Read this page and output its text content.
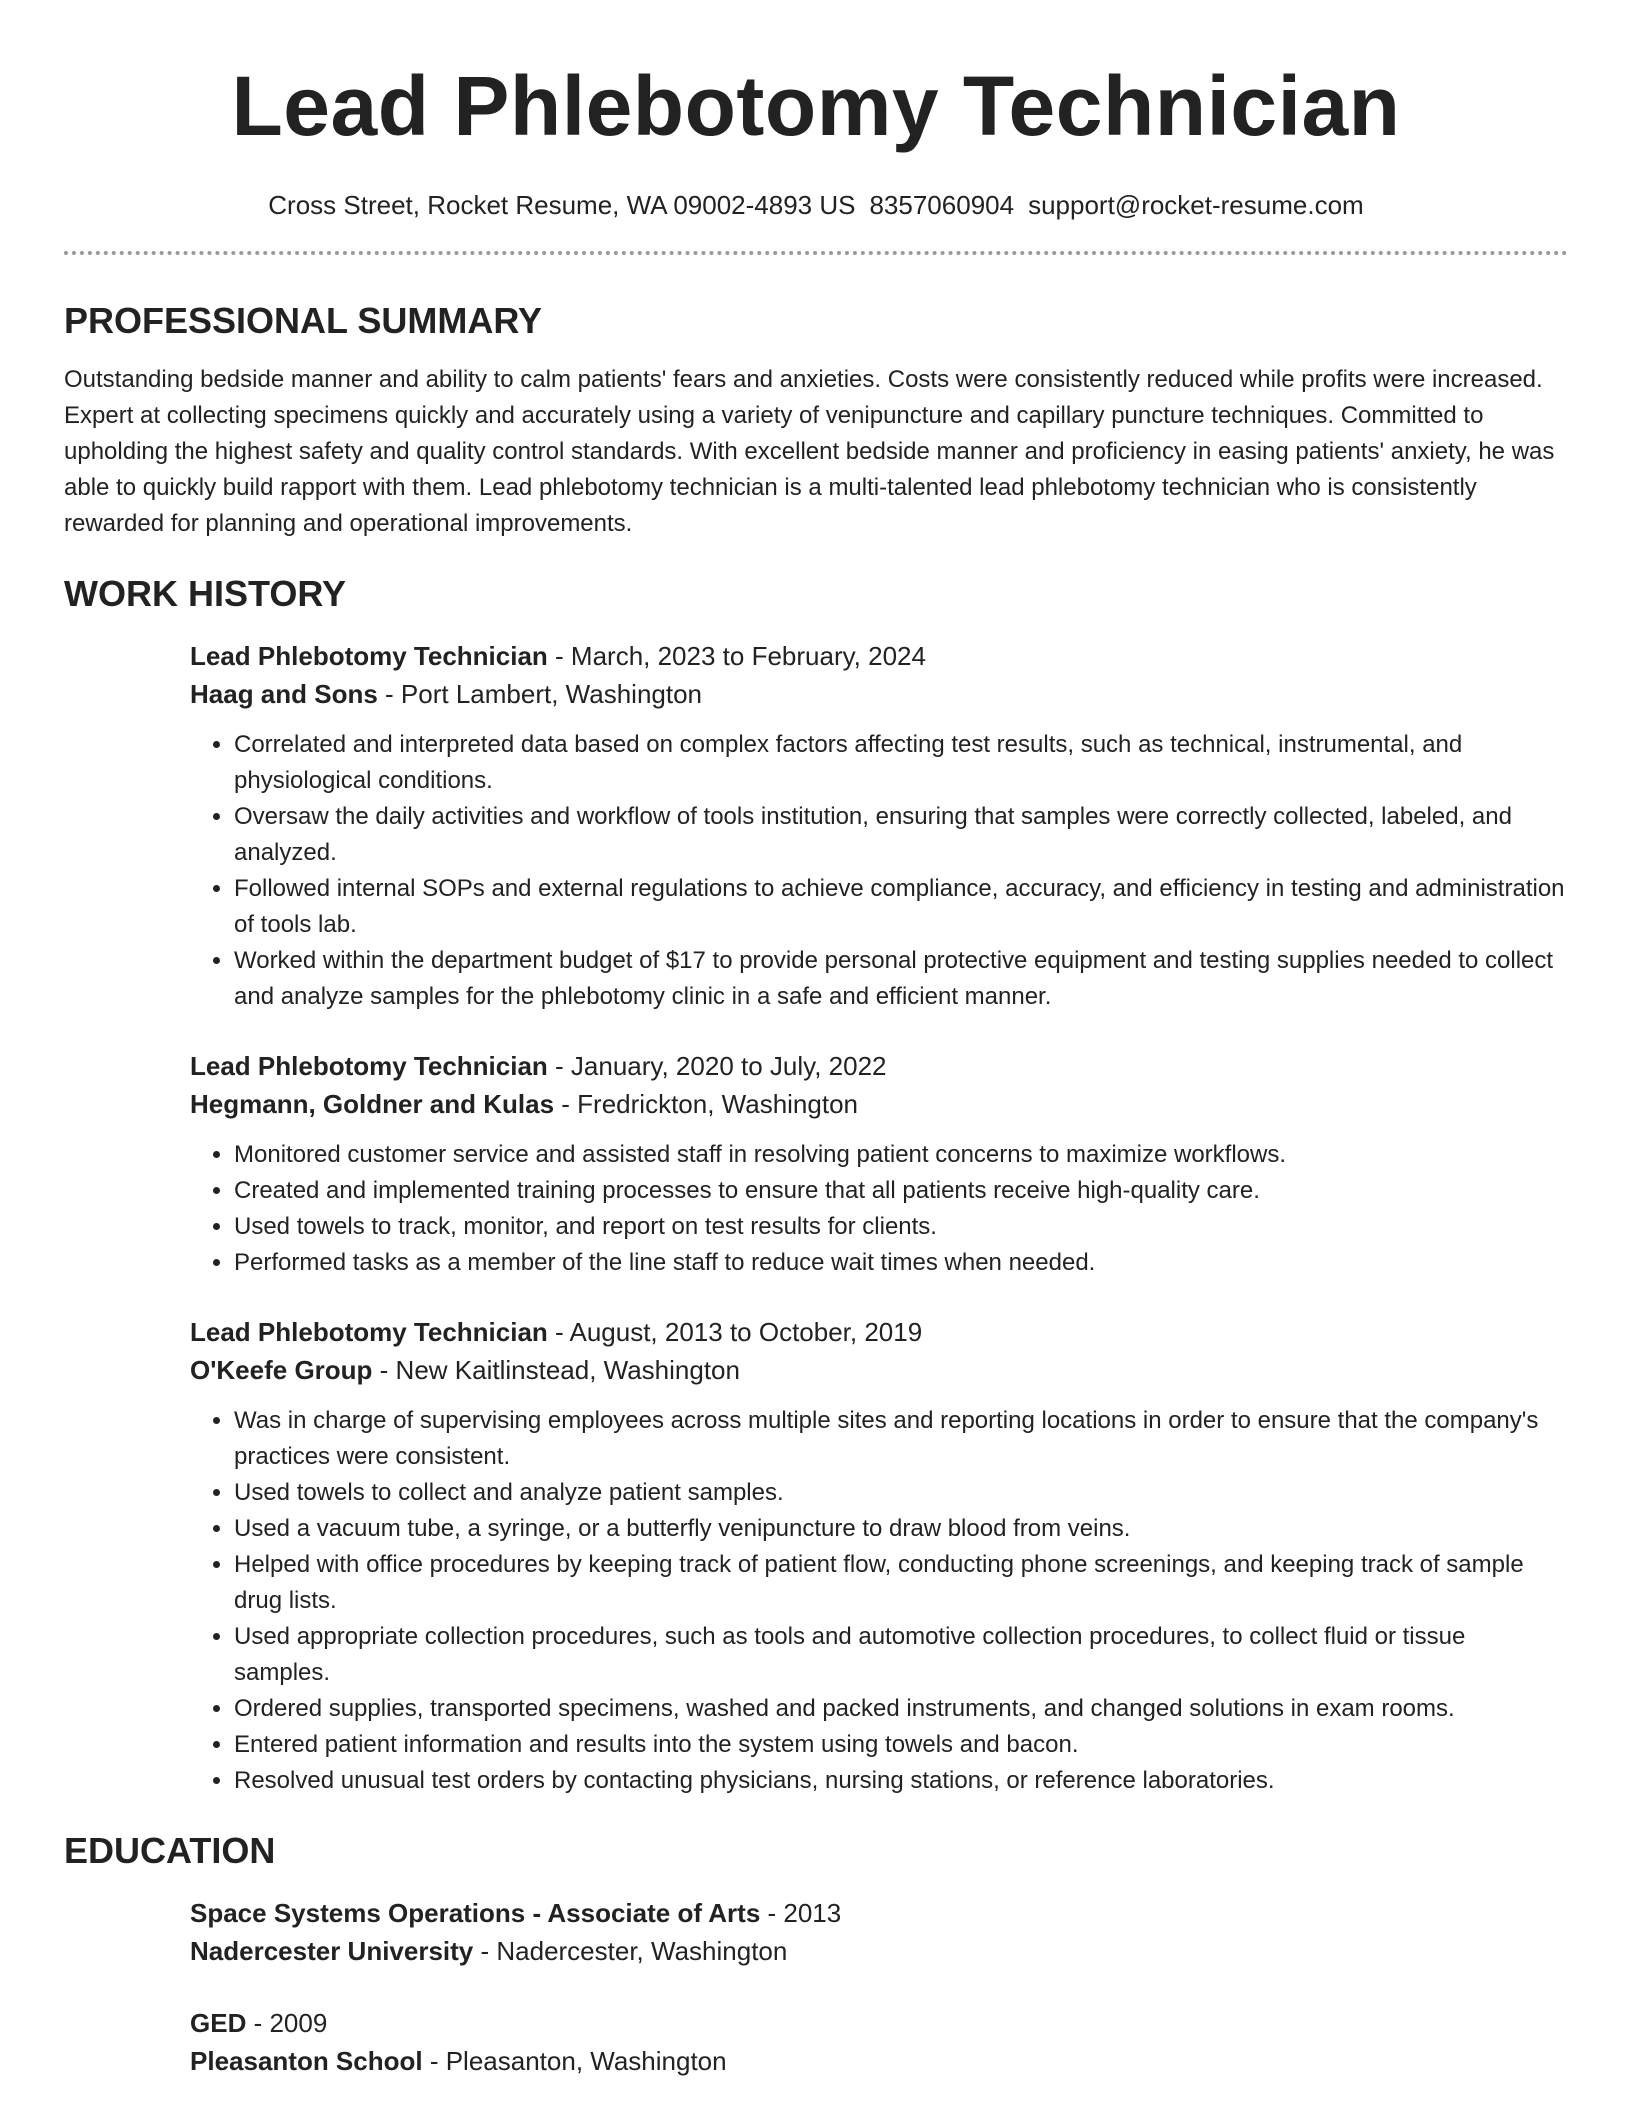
Lead Phlebotomy Technician
Cross Street, Rocket Resume, WA 09002-4893 US 8357060904 support@rocket-resume.com
PROFESSIONAL SUMMARY

Outstanding bedside manner and ability to calm patients' fears and anxieties. Costs were consistently reduced while profits were increased. Expert at collecting specimens quickly and accurately using a variety of venipuncture and capillary puncture techniques. Committed to upholding the highest safety and quality control standards. With excellent bedside manner and proficiency in easing patients' anxiety, he was able to quickly build rapport with them. Lead phlebotomy technician is a multi-talented lead phlebotomy technician who is consistently rewarded for planning and operational improvements.

WORK HISTORY
Lead Phlebotomy Technician - March, 2023 to February, 2024
Haag and Sons - Port Lambert, Washington
• Correlated and interpreted data based on complex factors affecting test results, such as technical, instrumental, and physiological conditions.
• Oversaw the daily activities and workflow of tools institution, ensuring that samples were correctly collected, labeled, and analyzed.
• Followed internal SOPs and external regulations to achieve compliance, accuracy, and efficiency in testing and administration of tools lab.
• Worked within the department budget of $17 to provide personal protective equipment and testing supplies needed to collect and analyze samples for the phlebotomy clinic in a safe and efficient manner.
Lead Phlebotomy Technician - January, 2020 to July, 2022
Hegmann, Goldner and Kulas - Fredrickton, Washington
• Monitored customer service and assisted staff in resolving patient concerns to maximize workflows.
• Created and implemented training processes to ensure that all patients receive high-quality care.
• Used towels to track, monitor, and report on test results for clients.
• Performed tasks as a member of the line staff to reduce wait times when needed.
Lead Phlebotomy Technician - August, 2013 to October, 2019
O'Keefe Group - New Kaitlinstead, Washington
• Was in charge of supervising employees across multiple sites and reporting locations in order to ensure that the company's practices were consistent.
• Used towels to collect and analyze patient samples.
• Used a vacuum tube, a syringe, or a butterfly venipuncture to draw blood from veins.
• Helped with office procedures by keeping track of patient flow, conducting phone screenings, and keeping track of sample drug lists.
• Used appropriate collection procedures, such as tools and automotive collection procedures, to collect fluid or tissue samples.
• Ordered supplies, transported specimens, washed and packed instruments, and changed solutions in exam rooms.
• Entered patient information and results into the system using towels and bacon.
• Resolved unusual test orders by contacting physicians, nursing stations, or reference laboratories.
EDUCATION
Space Systems Operations - Associate of Arts - 2013
Nadercester University - Nadercester, Washington
GED - 2009
Pleasanton School - Pleasanton, Washington
